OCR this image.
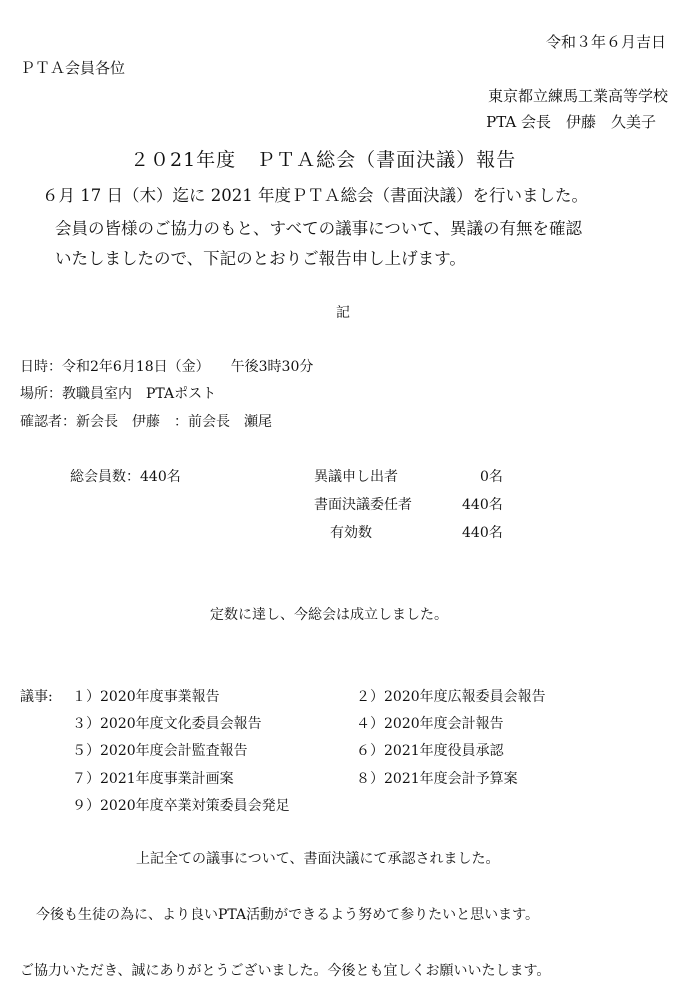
令和３年６月吉日
ＰＴＡ会員各位
東京都立練馬工業高等学校
PTA 会長　伊藤　久美子
２０21年度　ＰＴＡ総会（書面決議）報告
６月 17 日（木）迄に 2021 年度ＰＴＡ総会（書面決議）を行いました。
会員の皆様のご協力のもと、すべての議事について、異議の有無を確認
いたしましたので、下記のとおりご報告申し上げます。
記
日時：令和2年6月18日（金）　　午後3時30分
場所：教職員室内　PTAポスト
確認者：新会長　伊藤　：前会長　瀬尾
総会員数：440名	異議申し出者	0名
書面決議委任者	440名
有効数	440名
定数に達し、今総会は成立しました。
議事: １）2020年度事業報告	２）2020年度広報委員会報告
３）2020年度文化委員会報告	４）2020年度会計報告
５）2020年度会計監査報告	６）2021年度役員承認
７）2021年度事業計画案	８）2021年度会計予算案
９）2020年度卒業対策委員会発足
上記全ての議事について、書面決議にて承認されました。
今後も生徒の為に、より良いPTA活動ができるよう努めて参りたいと思います。
ご協力いただき、誠にありがとうございました。今後とも宜しくお願いいたします。
